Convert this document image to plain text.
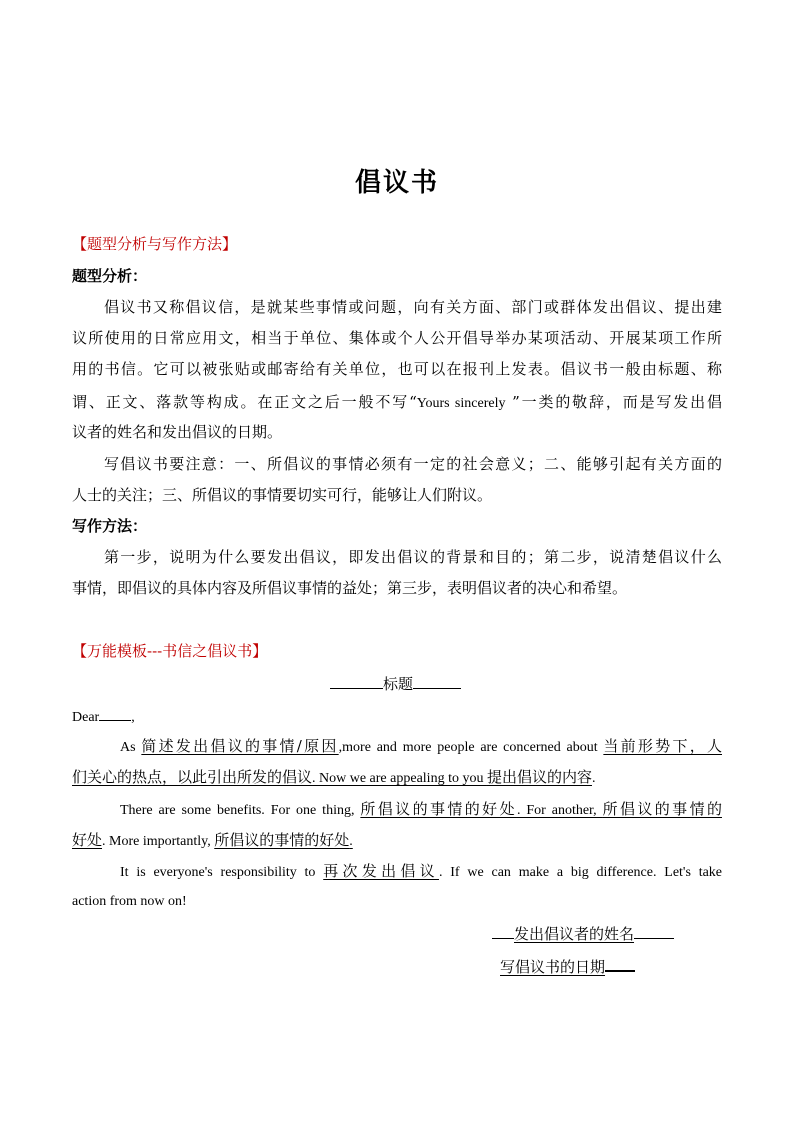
倡议书
【题型分析与写作方法】
题型分析：
倡议书又称倡议信，是就某些事情或问题，向有关方面、部门或群体发出倡议、提出建
议所使用的日常应用文，相当于单位、集体或个人公开倡导举办某项活动、开展某项工作所
用的书信。它可以被张贴或邮寄给有关单位，也可以在报刊上发表。倡议书一般由标题、称
谓、正文、落款等构成。在正文之后一般不写“Yours sincerely ”一类的敬辞，而是写发出倡
议者的姓名和发出倡议的日期。
写倡议书要注意：一、所倡议的事情必须有一定的社会意义；二、能够引起有关方面的
人士的关注；三、所倡议的事情要切实可行，能够让人们附议。
写作方法：
第一步，说明为什么要发出倡议，即发出倡议的背景和目的；第二步，说清楚倡议什么
事情，即倡议的具体内容及所倡议事情的益处；第三步，表明倡议者的决心和希望。
【万能模板---书信之倡议书】
标题
Dear ,
As 简述发出倡议的事情/原因,more and more people are concerned about 当前形势下，人
们关心的热点，以此引出所发的倡议. Now we are appealing to you 提出倡议的内容.
There are some benefits. For one thing, 所倡议的事情的好处. For another, 所倡议的事情的
好处. More importantly, 所倡议的事情的好处.
It is everyone's responsibility to 再次发出倡议. If we can make a big difference. Let's take
action from now on!
发出倡议者的姓名
写倡议书的日期
